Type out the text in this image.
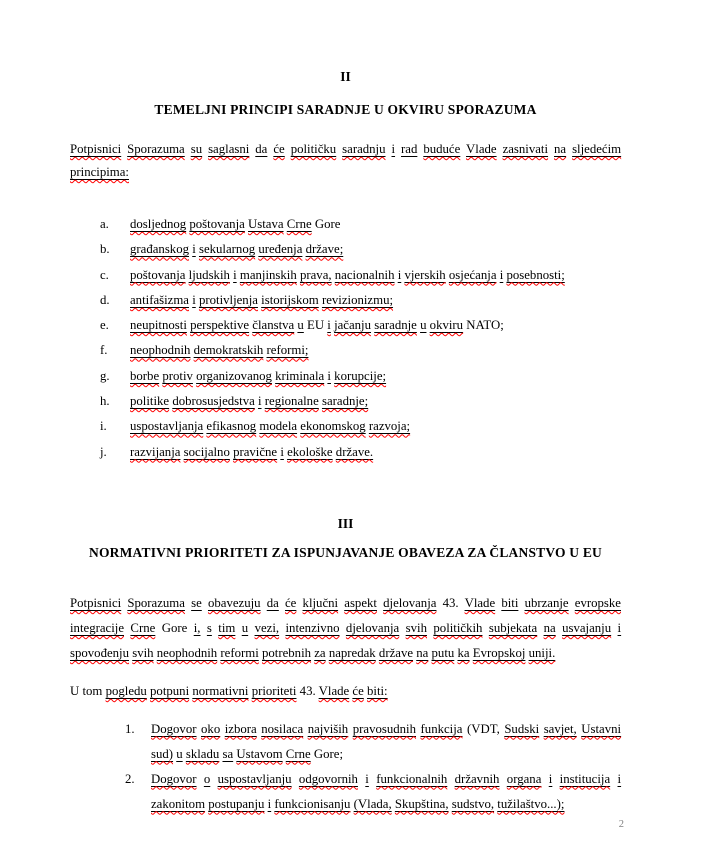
II
TEMELJNI PRINCIPI SARADNJE U OKVIRU SPORAZUMA

Potpisnici Sporazuma su saglasni da će političku saradnju i rad buduće Vlade zasnivati na sljedećim principima:

a.	dosljednog poštovanja Ustava Crne Gore
b.	građanskog i sekularnog uređenja države;
c.	poštovanja ljudskih i manjinskih prava, nacionalnih i vjerskih osjećanja i posebnosti;
d.	antifašizma i protivljenja istorijskom revizionizmu;
e.	neupitnosti perspektive članstva u EU i jačanju saradnje u okviru NATO;
f.	neophodnih demokratskih reformi;
g.	borbe protiv organizovanog kriminala i korupcije;
h.	politike dobrosusjedstva i regionalne saradnje;
i.	uspostavljanja efikasnog modela ekonomskog razvoja;
j.	razvijanja socijalno pravične i ekološke države.
III
NORMATIVNI PRIORITETI ZA ISPUNJAVANJE OBAVEZA ZA ČLANSTVO U EU

Potpisnici Sporazuma se obavezuju da će ključni aspekt djelovanja 43. Vlade biti ubrzanje evropske integracije Crne Gore i, s tim u vezi, intenzivno djelovanja svih političkih subjekata na usvajanju i spovođenju svih neophodnih reformi potrebnih za napredak države na putu ka Evropskoj uniji.

U tom pogledu potpuni normativni prioriteti 43. Vlade će biti:

1.	Dogovor oko izbora nosilaca najviših pravosudnih funkcija (VDT, Sudski savjet, Ustavni sud) u skladu sa Ustavom Crne Gore;
2.	Dogovor o uspostavljanju odgovornih i funkcionalnih državnih organa i institucija i zakonitom postupanju i funkcionisanju (Vlada, Skupština, sudstvo, tužilaštvo...);
2
